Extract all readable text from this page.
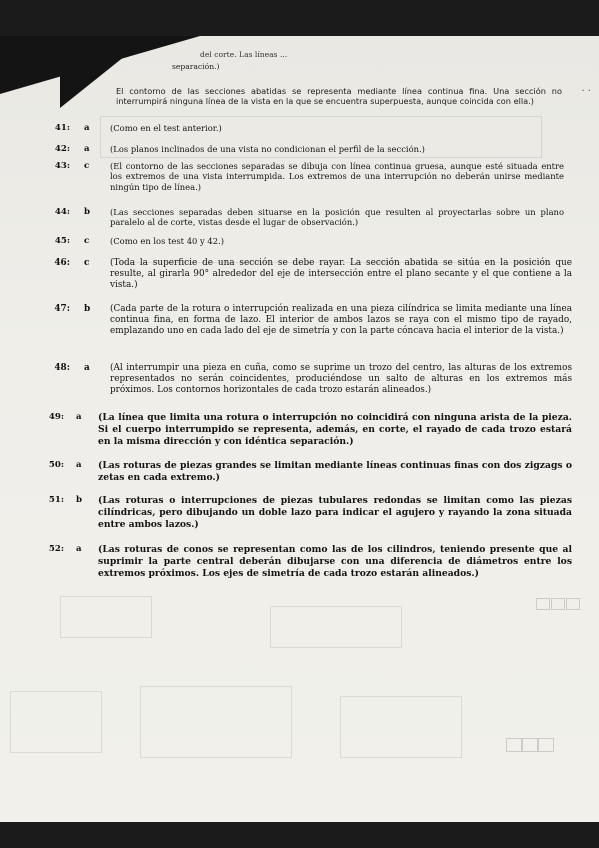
del corte. Las líneas ...
separación.)
· ·
El contorno de las secciones abatidas se representa mediante línea continua fina. Una sección no interrumpirá ninguna línea de la vista en la que se encuentra superpuesta, aunque coincida con ella.)
41: a (Como en el test anterior.)
42: a (Los planos inclinados de una vista no condicionan el perfil de la sección.)
43: c (El contorno de las secciones separadas se dibuja con línea continua gruesa, aunque esté situada entre los extremos de una vista interrumpida. Los extremos de una interrupción no deberán unirse mediante ningún tipo de línea.)
44: b (Las secciones separadas deben situarse en la posición que resulten al proyectarlas sobre un plano paralelo al de corte, vistas desde el lugar de observación.)
45: c (Como en los test 40 y 42.)
46: c (Toda la superficie de una sección se debe rayar. La sección abatida se sitúa en la posición que resulte, al girarla 90° alrededor del eje de intersección entre el plano secante y el que contiene a la vista.)
47: b (Cada parte de la rotura o interrupción realizada en una pieza cilíndrica se limita mediante una línea continua fina, en forma de lazo. El interior de ambos lazos se raya con el mismo tipo de rayado, emplazando uno en cada lado del eje de simetría y con la parte cóncava hacia el interior de la vista.)
48: a (Al interrumpir una pieza en cuña, como se suprime un trozo del centro, las alturas de los extremos representados no serán coincidentes, produciéndose un salto de alturas en los extremos más próximos. Los contornos horizontales de cada trozo estarán alineados.)
49: a (La línea que limita una rotura o interrupción no coincidirá con ninguna arista de la pieza. Si el cuerpo interrumpido se representa, además, en corte, el rayado de cada trozo estará en la misma dirección y con idéntica separación.)
50: a (Las roturas de piezas grandes se limitan mediante líneas continuas finas con dos zigzags o zetas en cada extremo.)
51: b (Las roturas o interrupciones de piezas tubulares redondas se limitan como las piezas cilíndricas, pero dibujando un doble lazo para indicar el agujero y rayando la zona situada entre ambos lazos.)
52: a (Las roturas de conos se representan como las de los cilindros, teniendo presente que al suprimir la parte central deberán dibujarse con una diferencia de diámetros entre los extremos próximos. Los ejes de simetría de cada trozo estarán alineados.)
